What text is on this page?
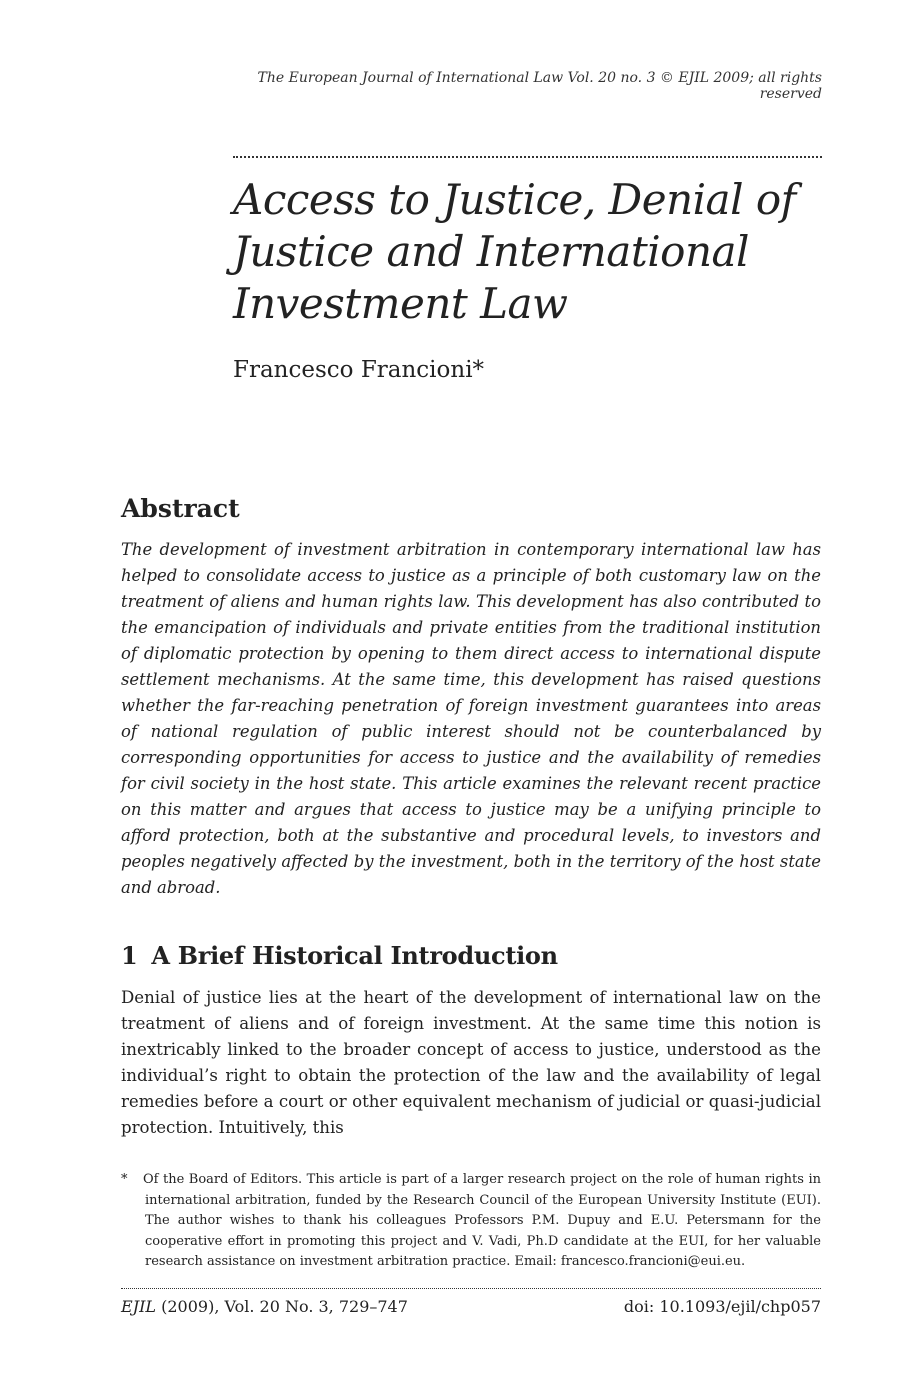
The European Journal of International Law Vol. 20 no. 3 © EJIL 2009; all rights reserved
Access to Justice, Denial of
Justice and International
Investment Law
Francesco Francioni*
Abstract

The development of investment arbitration in contemporary international law has helped to consolidate access to justice as a principle of both customary law on the treatment of aliens and human rights law. This development has also contributed to the emancipation of individuals and private entities from the traditional institution of diplomatic protection by opening to them direct access to international dispute settlement mechanisms. At the same time, this development has raised questions whether the far-reaching penetration of foreign investment guarantees into areas of national regulation of public interest should not be counterbalanced by corresponding opportunities for access to justice and the availability of remedies for civil society in the host state. This article examines the relevant recent practice on this matter and argues that access to justice may be a unifying principle to afford protection, both at the substantive and procedural levels, to investors and peoples negatively affected by the investment, both in the territory of the host state and abroad.

1 A Brief Historical Introduction

Denial of justice lies at the heart of the development of international law on the treatment of aliens and of foreign investment. At the same time this notion is inextricably linked to the broader concept of access to justice, understood as the individual’s right to obtain the protection of the law and the availability of legal remedies before a court or other equivalent mechanism of judicial or quasi-judicial protection. Intuitively, this

*	Of the Board of Editors. This article is part of a larger research project on the role of human rights in international arbitration, funded by the Research Council of the European University Institute (EUI). The author wishes to thank his colleagues Professors P.M. Dupuy and E.U. Petersmann for the cooperative effort in promoting this project and V. Vadi, Ph.D candidate at the EUI, for her valuable research assistance on investment arbitration practice. Email: francesco.francioni@eui.eu.
EJIL (2009), Vol. 20 No. 3, 729–747	doi: 10.1093/ejil/chp057
